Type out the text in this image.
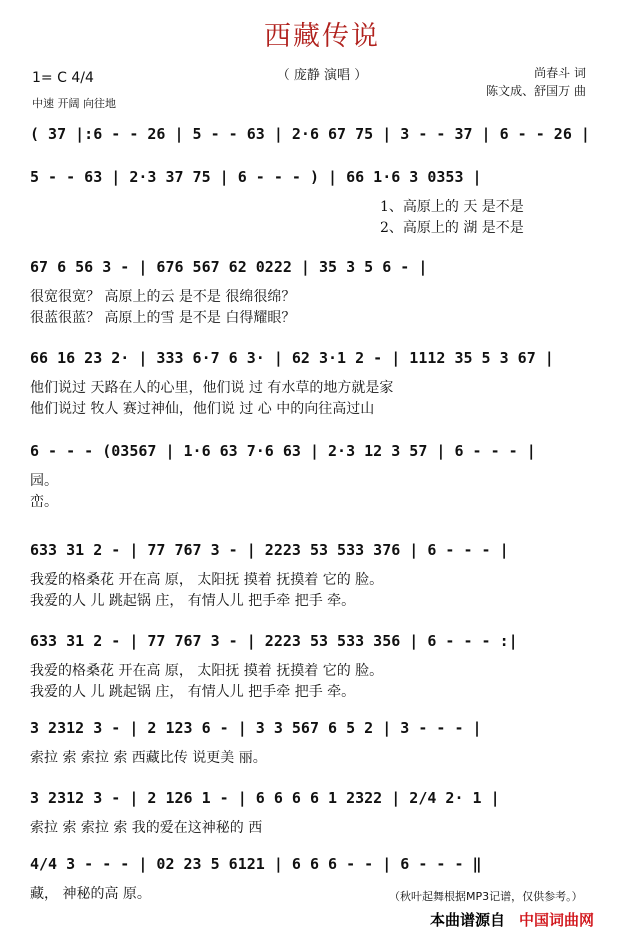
西藏传说
（ 庞静 演唱 ）
1= C 4/4
中速 开阔 向往地
尚春斗 词
陈文成、舒国万 曲
( 37 |:6 - - 26 | 5 - - 63 | 2·6 67 75 | 3 - - 37 | 6 - - 26 |
5 - - 63 | 2·3 37 75 | 6 - - - ) | 66 1·6 3 0353 |
1、高原上的 天 是不是
2、高原上的 湖 是不是
67 6 56 3 - | 676 567 62 0222 | 35 3 5 6 - |
很宽很宽？ 高原上的云 是不是 很绵很绵？
很蓝很蓝？ 高原上的雪 是不是 白得耀眼？
66 16 23 2· | 333 6·7 6 3· | 62 3·1 2 - | 1112 35 5 3 67 |
他们说过 天路在人的心里，他们说 过 有水草的地方就是家
他们说过 牧人 赛过神仙，他们说 过 心 中的向往高过山
6 - - - (03567 | 1·6 63 7·6 63 | 2·3 12 3 57 | 6 - - - |
园。
峦。
633 31 2 - | 77 767 3 - | 2223 53 533 376 | 6 - - - |
我爱的格桑花 开在高 原， 太阳抚 摸着 抚摸着 它的 脸。
我爱的人 儿 跳起锅 庄， 有情人儿 把手牵 把手 牵。
633 31 2 - | 77 767 3 - | 2223 53 533 356 | 6 - - - :|
我爱的格桑花 开在高 原， 太阳抚 摸着 抚摸着 它的 脸。
我爱的人 儿 跳起锅 庄， 有情人儿 把手牵 把手 牵。
3 2312 3 - | 2 123 6 - | 3 3 567 6 5 2 | 3 - - - |
索拉 索 索拉 索 西藏比传 说更美 丽。
3 2312 3 - | 2 126 1 - | 6 6 6 6 1 2322 | 2/4 2· 1 |
索拉 索 索拉 索 我的爱在这神秘的 西
4/4 3 - - - | 02 23 5 6121 | 6 6 6 - - | 6 - - - ‖
藏， 神秘的高 原。	（秋叶起舞根据MP3记谱，仅供参考。）
本曲谱源自 中国词曲网
